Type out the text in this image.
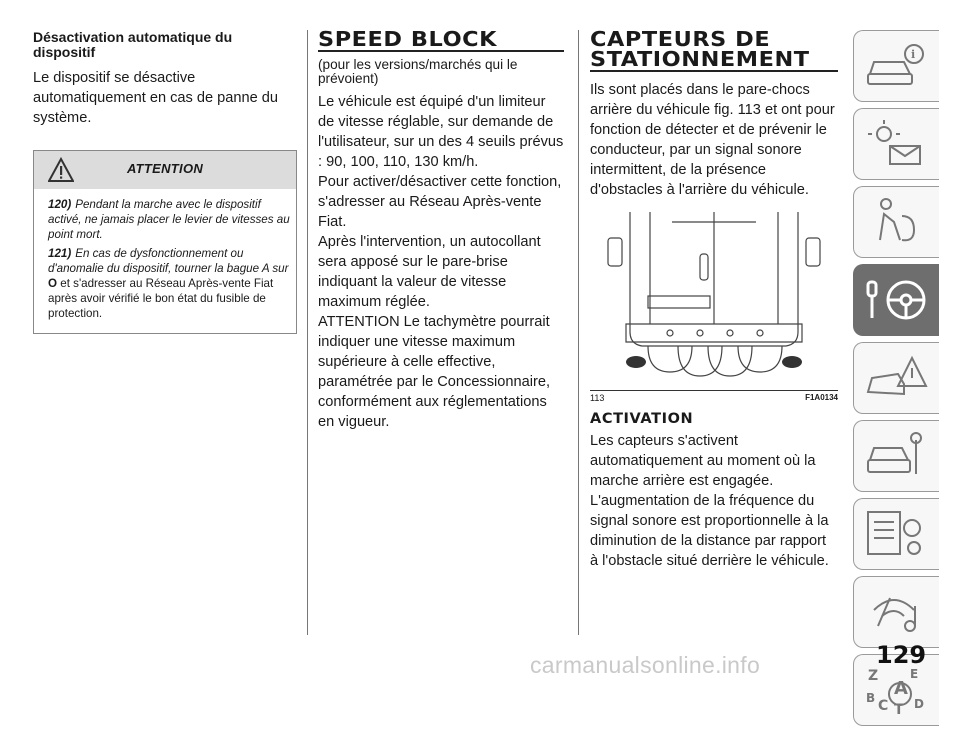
Désactivation automatique du dispositif

Le dispositif se désactive automatiquement en cas de panne du système.

ATTENTION

120) Pendant la marche avec le dispositif activé, ne jamais placer le levier de vitesses au point mort.

121) En cas de dysfonctionnement ou d'anomalie du dispositif, tourner la bague A sur O et s'adresser au Réseau Après-vente Fiat après avoir vérifié le bon état du fusible de protection.

SPEED BLOCK

(pour les versions/marchés qui le prévoient)

Le véhicule est équipé d'un limiteur de vitesse réglable, sur demande de l'utilisateur, sur un des 4 seuils prévus : 90, 100, 110, 130 km/h.

Pour activer/désactiver cette fonction, s'adresser au Réseau Après-vente Fiat.

Après l'intervention, un autocollant sera apposé sur le pare-brise indiquant la valeur de vitesse maximum réglée.

ATTENTION Le tachymètre pourrait indiquer une vitesse maximum supérieure à celle effective, paramétrée par le Concessionnaire, conformément aux réglementations en vigueur.

CAPTEURS DE
STATIONNEMENT

Ils sont placés dans le pare-chocs arrière du véhicule fig. 113 et ont pour fonction de détecter et de prévenir le conducteur, par un signal sonore intermittent, de la présence d'obstacles à l'arrière du véhicule.

113	F1A0134
ACTIVATION

Les capteurs s'activent automatiquement au moment où la marche arrière est engagée. L'augmentation de la fréquence du signal sonore est proportionnelle à la diminution de la distance par rapport à l'obstacle situé derrière le véhicule.

i
Z	E
A
B C T D
129
carmanualsonline.info
